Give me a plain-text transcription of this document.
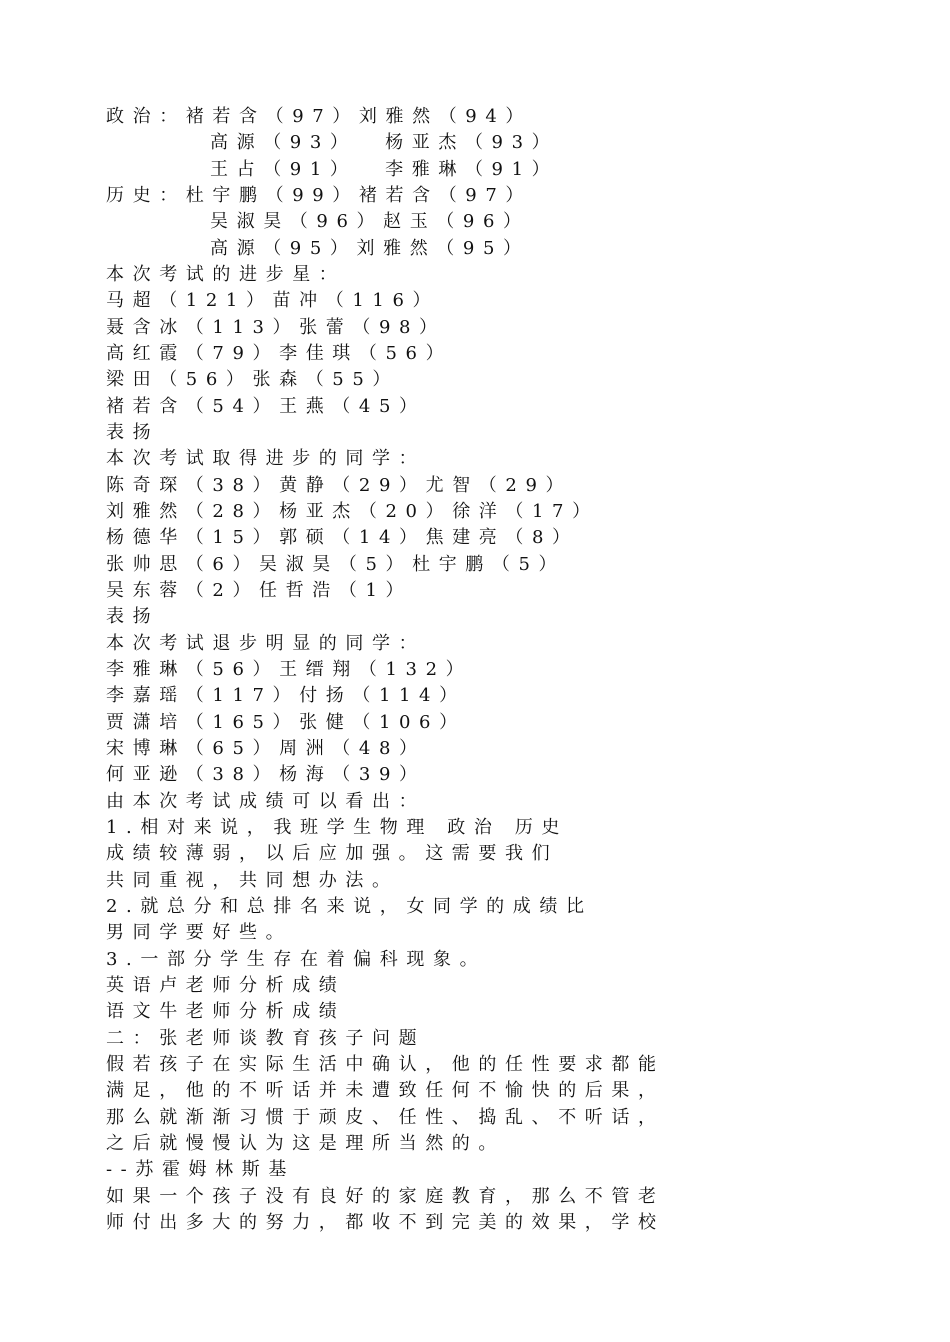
政治：褚若含（97）刘雅然（94）
高源（93）  杨亚杰（93）
王占（91）  李雅琳（91）
历史：杜宇鹏（99）褚若含（97）
吴淑昊（96）赵玉（96）
高源（95）刘雅然（95）
本次考试的进步星：
马超（121）苗冲（116）
聂含冰（113）张蕾（98）
高红霞（79）李佳琪（56）
梁田（56）张森（55）
褚若含（54）王燕（45）
表扬
本次考试取得进步的同学：
陈奇琛（38）黄静（29）尤智（29）
刘雅然（28）杨亚杰（20）徐洋（17）
杨德华（15）郭硕（14）焦建亮（8）
张帅思（6）吴淑昊（5）杜宇鹏（5）
吴东蓉（2）任哲浩（1）
表扬
本次考试退步明显的同学：
李雅琳（56）王缙翔（132）
李嘉瑶（117）付扬（114）
贾潇培（165）张健（106）
宋博琳（65）周洲（48）
何亚逊（38）杨海（39）
由本次考试成绩可以看出：
1.相对来说，我班学生物理 政治 历史
成绩较薄弱，以后应加强。这需要我们
共同重视，共同想办法。
2.就总分和总排名来说，女同学的成绩比
男同学要好些。
3.一部分学生存在着偏科现象。
英语卢老师分析成绩
语文牛老师分析成绩
二：张老师谈教育孩子问题
假若孩子在实际生活中确认，他的任性要求都能
满足，他的不听话并未遭致任何不愉快的后果，
那么就渐渐习惯于顽皮、任性、捣乱、不听话，
之后就慢慢认为这是理所当然的。
--苏霍姆林斯基
如果一个孩子没有良好的家庭教育，那么不管老
师付出多大的努力，都收不到完美的效果，学校
